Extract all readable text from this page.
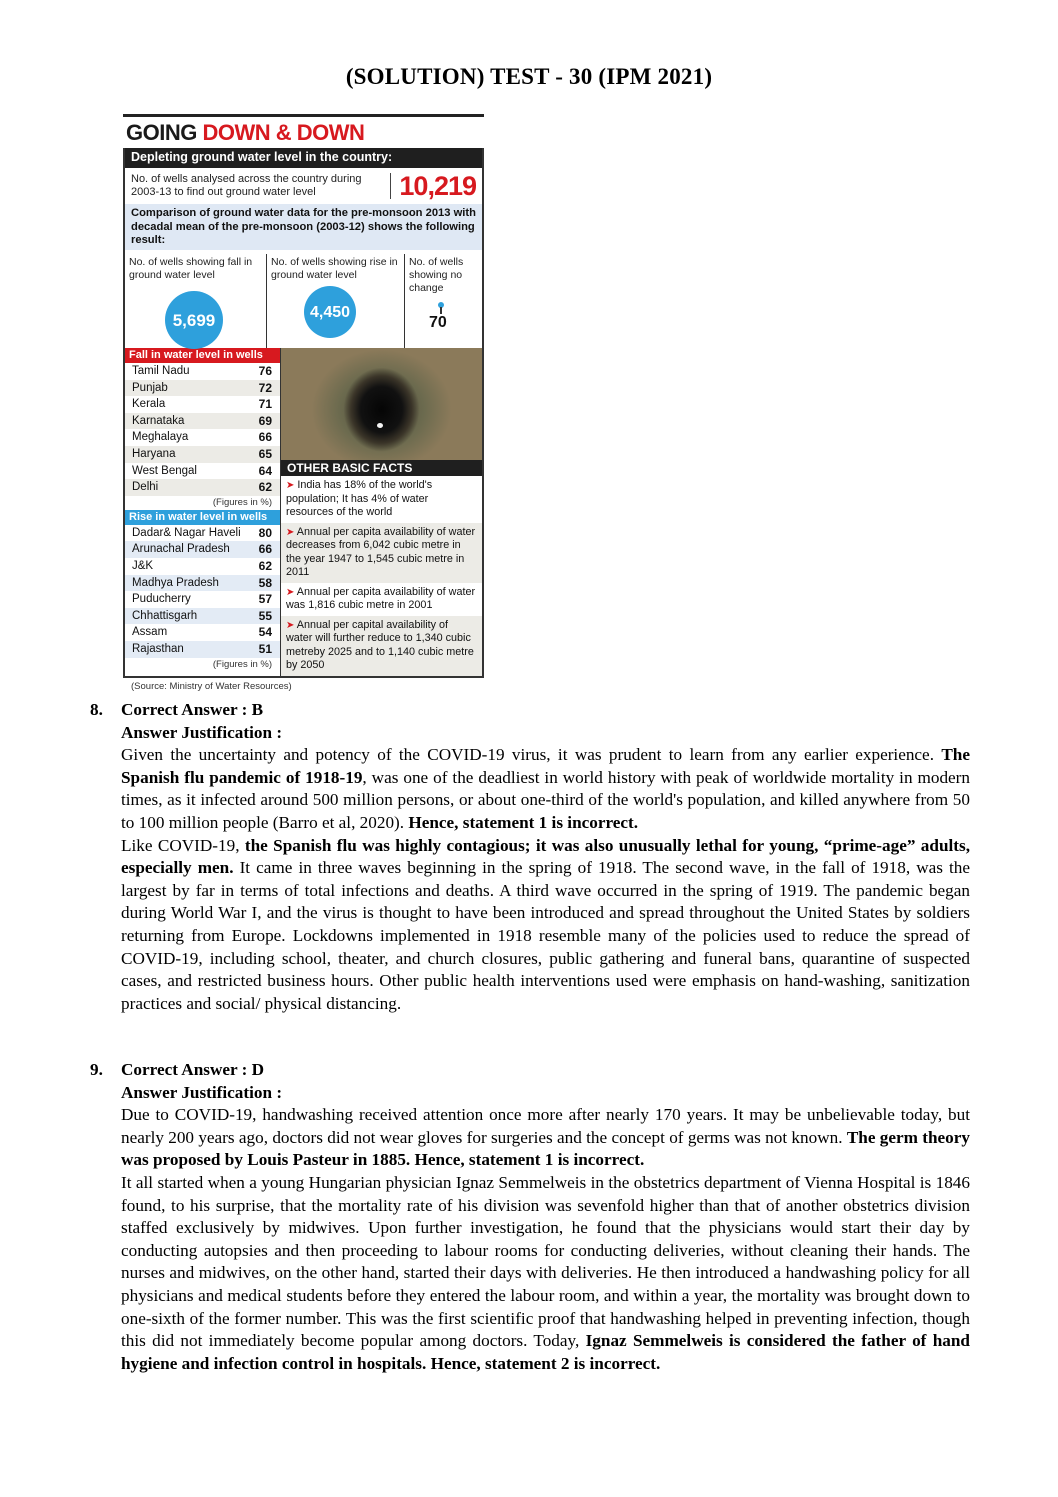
(SOLUTION) TEST - 30 (IPM 2021)
GOING DOWN & DOWN
Depleting ground water level in the country:
No. of wells analysed across the country during 2003-13 to find out ground water level	10,219
Comparison of ground water data for the pre-monsoon 2013 with decadal mean of the pre-monsoon (2003-12) shows the following result:
No. of wells showing fall in ground water level
5,699
No. of wells showing rise in ground water level
4,450
No. of wells showing no change
70
Fall in water level in wells
Tamil Nadu	76
Punjab	72
Kerala	71
Karnataka	69
Meghalaya	66
Haryana	65
West Bengal	64
Delhi	62
(Figures in %)
Rise in water level in wells
Dadar& Nagar Haveli 80
Arunachal Pradesh 66
J&K	62
Madhya Pradesh	58
Puducherry	57
Chhattisgarh	55
Assam	54
Rajasthan	51
(Figures in %)
OTHER BASIC FACTS
➤ India has 18% of the world's population; It has 4% of water resources of the world
➤ Annual per capita availability of water decreases from 6,042 cubic metre in the year 1947 to 1,545 cubic metre in 2011
➤ Annual per capita availability of water was 1,816 cubic metre in 2001
➤ Annual per capital availability of water will further reduce to 1,340 cubic metreby 2025 and to 1,140 cubic metre by 2050
(Source: Ministry of Water Resources)
8. Correct Answer : B
Answer Justification :

Given the uncertainty and potency of the COVID-19 virus, it was prudent to learn from any earlier experience. The Spanish flu pandemic of 1918-19, was one of the deadliest in world history with peak of worldwide mortality in modern times, as it infected around 500 million persons, or about one-third of the world's population, and killed anywhere from 50 to 100 million people (Barro et al, 2020). Hence, statement 1 is incorrect.

Like COVID-19, the Spanish flu was highly contagious; it was also unusually lethal for young, “prime-age” adults, especially men. It came in three waves beginning in the spring of 1918. The second wave, in the fall of 1918, was the largest by far in terms of total infections and deaths. A third wave occurred in the spring of 1919. The pandemic began during World War I, and the virus is thought to have been introduced and spread throughout the United States by soldiers returning from Europe. Lockdowns implemented in 1918 resemble many of the policies used to reduce the spread of COVID-19, including school, theater, and church closures, public gathering and funeral bans, quarantine of suspected cases, and restricted business hours. Other public health interventions used were emphasis on hand-washing, sanitization practices and social/ physical distancing.

9. Correct Answer : D
Answer Justification :

Due to COVID-19, handwashing received attention once more after nearly 170 years. It may be unbelievable today, but nearly 200 years ago, doctors did not wear gloves for surgeries and the concept of germs was not known. The germ theory was proposed by Louis Pasteur in 1885. Hence, statement 1 is incorrect.

It all started when a young Hungarian physician Ignaz Semmelweis in the obstetrics department of Vienna Hospital is 1846 found, to his surprise, that the mortality rate of his division was sevenfold higher than that of another obstetrics division staffed exclusively by midwives. Upon further investigation, he found that the physicians would start their day by conducting autopsies and then proceeding to labour rooms for conducting deliveries, without cleaning their hands. The nurses and midwives, on the other hand, started their days with deliveries. He then introduced a handwashing policy for all physicians and medical students before they entered the labour room, and within a year, the mortality was brought down to one-sixth of the former number. This was the first scientific proof that handwashing helped in preventing infection, though this did not immediately become popular among doctors. Today, Ignaz Semmelweis is considered the father of hand hygiene and infection control in hospitals. Hence, statement 2 is incorrect.
